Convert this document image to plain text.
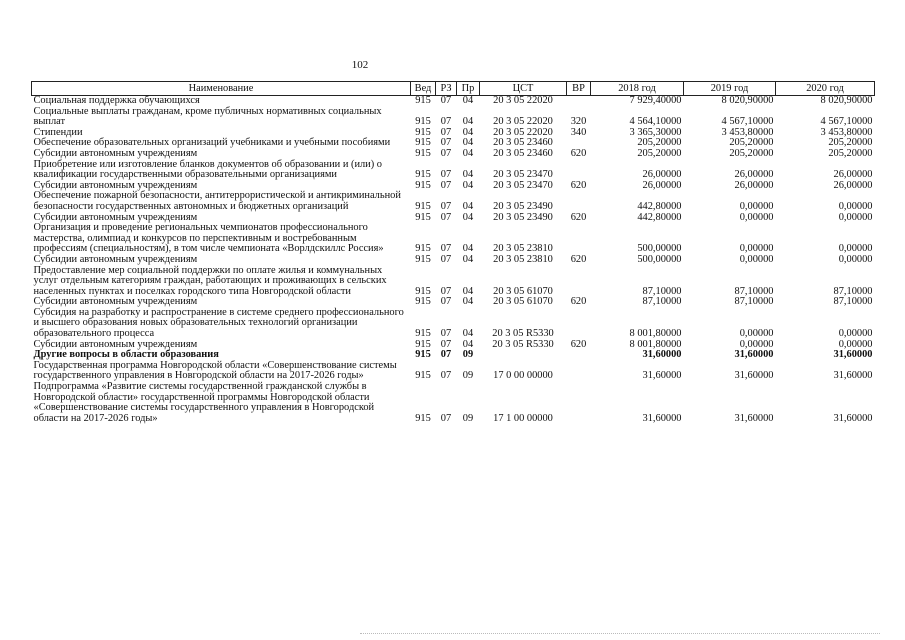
102
Наименование	Вед	РЗ	Пр	ЦСТ	ВР	2018 год	2019 год	2020 год
Социальная поддержка обучающихся	915	07	04	20 3 05 22020		7 929,40000	8 020,90000	8 020,90000
Социальные выплаты гражданам, кроме публичных нормативных социальных выплат	915	07	04	20 3 05 22020	320	4 564,10000	4 567,10000	4 567,10000
Стипендии	915	07	04	20 3 05 22020	340	3 365,30000	3 453,80000	3 453,80000
Обеспечение образовательных организаций учебниками и учебными пособиями	915	07	04	20 3 05 23460		205,20000	205,20000	205,20000
Субсидии автономным учреждениям	915	07	04	20 3 05 23460	620	205,20000	205,20000	205,20000
Приобретение или изготовление бланков документов об образовании и (или) о квалификации государственными образовательными организациями	915	07	04	20 3 05 23470		26,00000	26,00000	26,00000
Субсидии автономным учреждениям	915	07	04	20 3 05 23470	620	26,00000	26,00000	26,00000
Обеспечение пожарной безопасности, антитеррористической и антикриминальной безопасности государственных автономных и бюджетных организаций	915	07	04	20 3 05 23490		442,80000	0,00000	0,00000
Субсидии автономным учреждениям	915	07	04	20 3 05 23490	620	442,80000	0,00000	0,00000
Организация и проведение региональных чемпионатов профессионального мастерства, олимпиад и конкурсов по перспективным и востребованным профессиям (специальностям), в том числе чемпионата «Ворлдскиллс Россия»	915	07	04	20 3 05 23810		500,00000	0,00000	0,00000
Субсидии автономным учреждениям	915	07	04	20 3 05 23810	620	500,00000	0,00000	0,00000
Предоставление мер социальной поддержки по оплате жилья и коммунальных услуг отдельным категориям граждан, работающих и проживающих в сельских населенных пунктах и поселках городского типа Новгородской области	915	07	04	20 3 05 61070		87,10000	87,10000	87,10000
Субсидии автономным учреждениям	915	07	04	20 3 05 61070	620	87,10000	87,10000	87,10000
Субсидия на разработку и распространение в системе среднего профессионального и высшего образования новых образовательных технологий организации образовательного процесса	915	07	04	20 3 05 R5330		8 001,80000	0,00000	0,00000
Субсидии автономным учреждениям	915	07	04	20 3 05 R5330	620	8 001,80000	0,00000	0,00000
Другие вопросы в области образования	915	07	09			31,60000	31,60000	31,60000
Государственная программа Новгородской области «Совершенствование системы государственного управления в Новгородской области на 2017-2026 годы»	915	07	09	17 0 00 00000		31,60000	31,60000	31,60000
Подпрограмма «Развитие системы государственной гражданской службы в Новгородской области» государственной программы Новгородской области «Совершенствование системы государственного управления в Новгородской области на 2017-2026 годы»	915	07	09	17 1 00 00000		31,60000	31,60000	31,60000
